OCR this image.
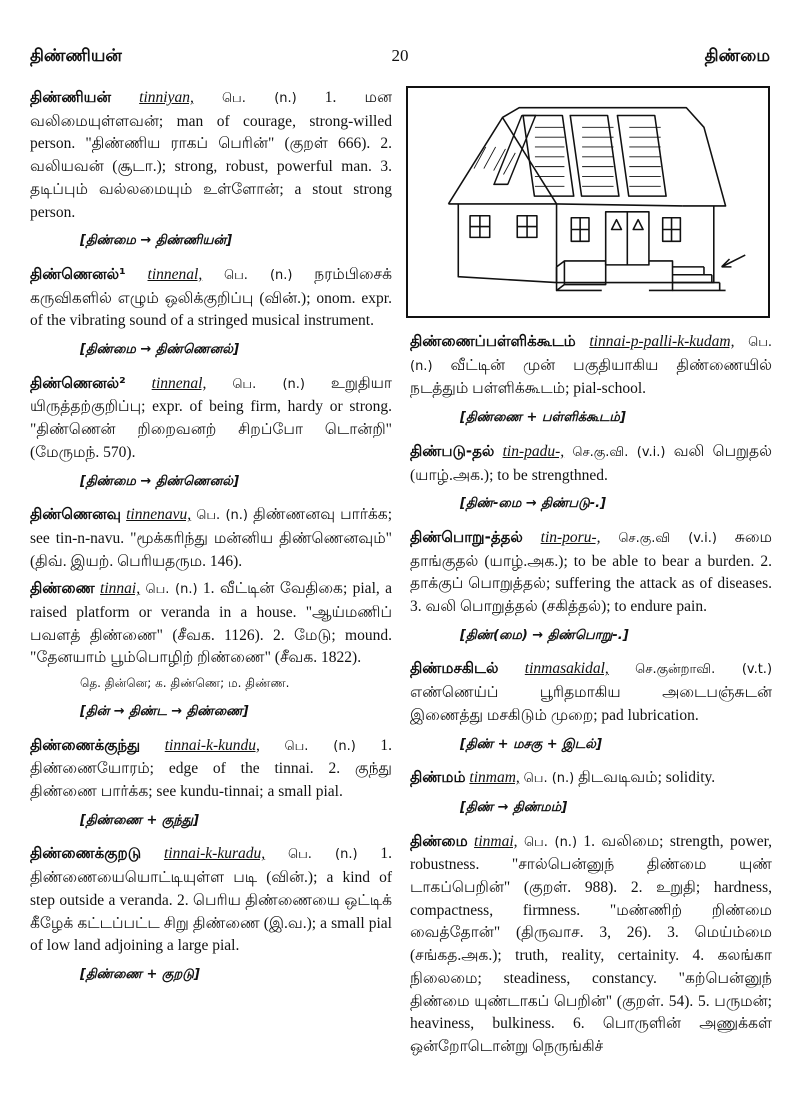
திண்ணியன்	20	திண்மை
திண்ணியன் tinniyan, பெ. (n.) 1. மன வலிமையுள்ளவன்; man of courage, strong-willed person. "திண்ணிய ராகப் பெரின்" (குறள் 666). 2. வலியவன் (சூடா.); strong, robust, powerful man. 3. தடிப்பும் வல்லமையும் உள்ளோன்; a stout strong person.
[திண்மை → திண்ணியன்]
திண்ணெனல்¹ tinnenal, பெ. (n.) நரம்பிசைக் கருவிகளில் எழும் ஒலிக்குறிப்பு (வின்.); onom. expr. of the vibrating sound of a stringed musical instrument.
[திண்மை → திண்ணெனல்]
திண்ணெனல்² tinnenal, பெ. (n.) உறுதியா யிருத்தற்குறிப்பு; expr. of being firm, hardy or strong. "திண்ணென் றிறைவனற் சிறப்போ டொன்றி" (மேருமந். 570).
[திண்மை → திண்ணெனல்]
திண்ணெனவு tinnenavu, பெ. (n.) திண்ணனவு பார்க்க; see tin-n-navu. "மூக்கரிந்து மன்னிய திண்ணெனவும்" (திவ். இயற். பெரியதரும. 146).
திண்ணை tinnai, பெ. (n.) 1. வீட்டின் வேதிகை; pial, a raised platform or veranda in a house. "ஆய்மணிப் பவளத் திண்ணை" (சீவக. 1126). 2. மேடு; mound. "தேனயாம் பூம்பொழிற் றிண்ணை" (சீவக. 1822).
தெ. தின்னெ; க. திண்ணெ; ம. திண்ண.
[தின் → திண்ட → திண்ணை]
திண்ணைக்குந்து tinnai-k-kundu, பெ. (n.) 1. திண்ணையோரம்; edge of the tinnai. 2. குந்து திண்ணை பார்க்க; see kundu-tinnai; a small pial.
[திண்ணை + குந்து]
திண்ணைக்குறடு tinnai-k-kuradu, பெ. (n.) 1. திண்ணையையொட்டியுள்ள படி (வின்.); a kind of step outside a veranda. 2. பெரிய திண்ணையை ஒட்டிக் கீழேக் கட்டப்பட்ட சிறு திண்ணை (இ.வ.); a small pial of low land adjoining a large pial.
[திண்ணை + குறடு]
திண்ணைப்பள்ளிக்கூடம் tinnai-p-palli-k-kudam, பெ. (n.) வீட்டின் முன் பகுதியாகிய திண்ணையில் நடத்தும் பள்ளிக்கூடம்; pial-school.
[திண்ணை + பள்ளிக்கூடம்]
திண்படு-தல் tin-padu-, செ.கு.வி. (v.i.) வலி பெறுதல் (யாழ்.அக.); to be strengthned.
[திண்-மை → திண்படு-.]
திண்பொறு-த்தல் tin-poru-, செ.கு.வி (v.i.) சுமை தாங்குதல் (யாழ்.அக.); to be able to bear a burden. 2. தாக்குப் பொறுத்தல்; suffering the attack as of diseases. 3. வலி பொறுத்தல் (சகித்தல்); to endure pain.
[திண்(மை) → திண்பொறு-.]
திண்மசகிடல் tinmasakidal, செ.குன்றாவி. (v.t.) எண்ணெய்ப் பூரிதமாகிய அடைபஞ்சுடன் இணைத்து மசகிடும் முறை; pad lubrication.
[திண் + மசகு + இடல்]
திண்மம் tinmam, பெ. (n.) திடவடிவம்; solidity.
[திண் → திண்மம்]
திண்மை tinmai, பெ. (n.) 1. வலிமை; strength, power, robustness. "சால்பென்னுந் திண்மை யுண் டாகப்பெறின்" (குறள். 988). 2. உறுதி; hardness, compactness, firmness. "மண்ணிற் றிண்மை வைத்தோன்" (திருவாச. 3, 26). 3. மெய்ம்மை (சங்கத.அக.); truth, reality, certainity. 4. கலங்கா நிலைமை; steadiness, constancy. "கற்பென்னுந் திண்மை யுண்டாகப் பெறின்" (குறள். 54). 5. பருமன்; heaviness, bulkiness. 6. பொருளின் அணுக்கள் ஒன்றோடொன்று நெருங்கிச்
